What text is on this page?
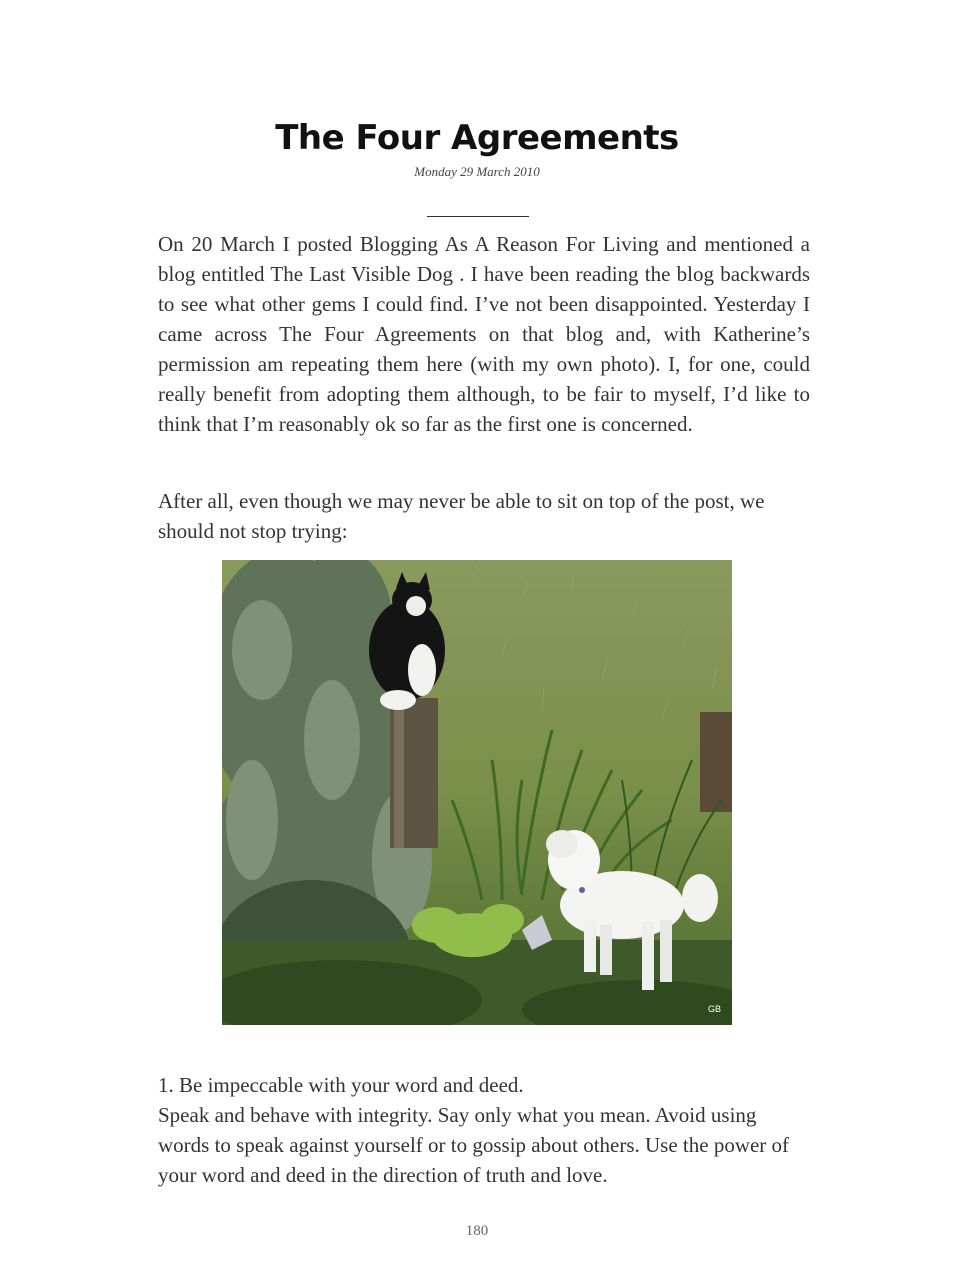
The Four Agreements
Monday 29 March 2010

On 20 March I posted Blogging As A Reason For Living and mentioned a blog entitled The Last Visible Dog . I have been reading the blog backwards to see what other gems I could find. I’ve not been disappointed. Yesterday I came across The Four Agreements on that blog and, with Katherine’s permission am repeating them here (with my own photo). I, for one, could really benefit from adopting them although, to be fair to myself, I’d like to think that I’m reasonably ok so far as the first one is concerned.

After all, even though we may never be able to sit on top of the post, we should not stop trying:

GB
1. Be impeccable with your word and deed.
Speak and behave with integrity. Say only what you mean. Avoid using words to speak against yourself or to gossip about others. Use the power of your word and deed in the direction of truth and love.
180
